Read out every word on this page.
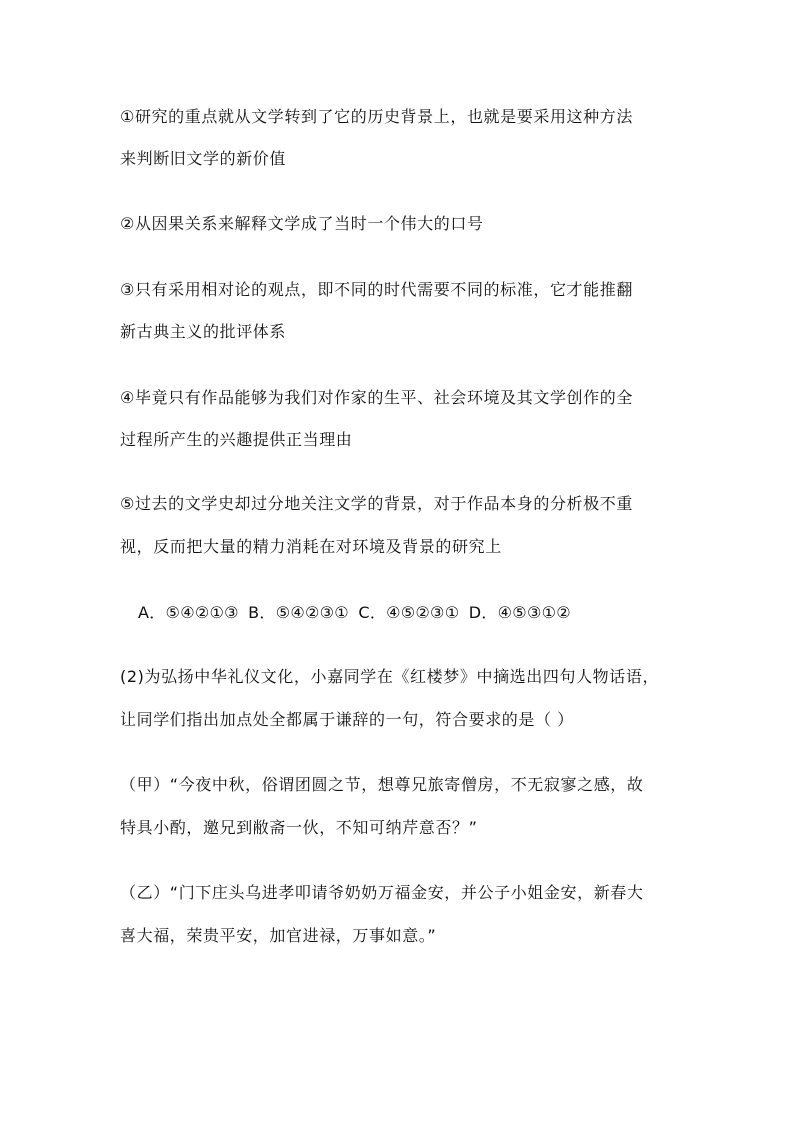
①研究的重点就从文学转到了它的历史背景上，也就是要采用这种方法
来判断旧文学的新价值
②从因果关系来解释文学成了当时一个伟大的口号
③只有采用相对论的观点，即不同的时代需要不同的标准，它才能推翻
新古典主义的批评体系
④毕竟只有作品能够为我们对作家的生平、社会环境及其文学创作的全
过程所产生的兴趣提供正当理由
⑤过去的文学史却过分地关注文学的背景，对于作品本身的分析极不重
视，反而把大量的精力消耗在对环境及背景的研究上
A．⑤④②①③ B．⑤④②③① C．④⑤②③① D．④⑤③①②
(2)为弘扬中华礼仪文化，小嘉同学在《红楼梦》中摘选出四句人物话语，
让同学们指出加点处全都属于谦辞的一句，符合要求的是（ ）
（甲）“今夜中秋，俗谓团圆之节，想尊兄旅寄僧房，不无寂寥之感，故
特具小酌，邀兄到敝斋一伙，不知可纳芹意否？”
（乙）“门下庄头乌进孝叩请爷奶奶万福金安，并公子小姐金安，新春大
喜大福，荣贵平安，加官进禄，万事如意。”
